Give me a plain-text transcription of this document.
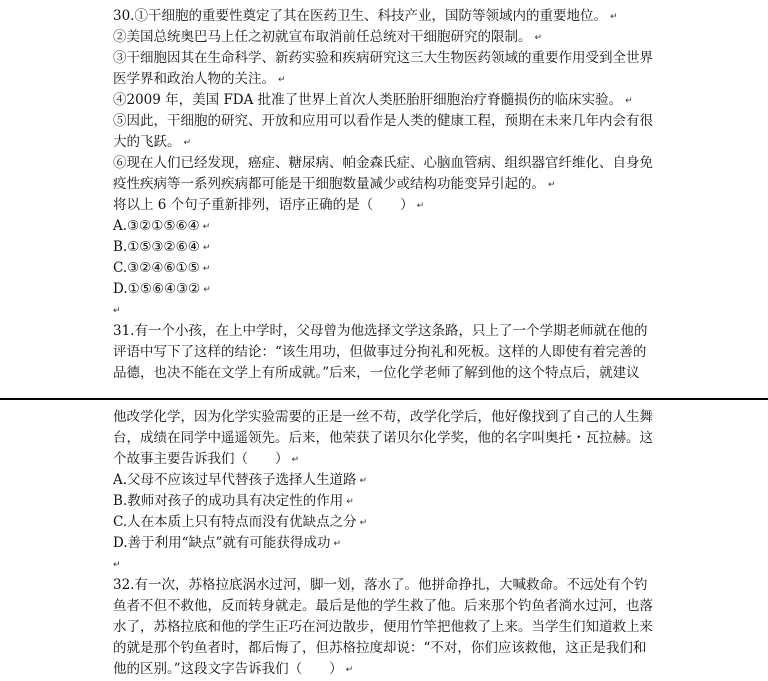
30.①干细胞的重要性奠定了其在医药卫生、科技产业，国防等领域内的重要地位。 ↵
②美国总统奥巴马上任之初就宣布取消前任总统对干细胞研究的限制。 ↵
③干细胞因其在生命科学、新药实验和疾病研究这三大生物医药领域的重要作用受到全世界
医学界和政治人物的关注。 ↵
④2009 年，美国 FDA 批准了世界上首次人类胚胎肝细胞治疗脊髓损伤的临床实验。 ↵
⑤因此，干细胞的研究、开放和应用可以看作是人类的健康工程，预期在未来几年内会有很
大的飞跃。 ↵
⑥现在人们已经发现，癌症、糖尿病、帕金森氏症、心脑血管病、组织器官纤维化、自身免
疫性疾病等一系列疾病都可能是干细胞数量减少或结构功能变异引起的。 ↵
将以上 6 个句子重新排列，语序正确的是（　　） ↵
A.③②①⑤⑥④ ↵
B.①⑤③②⑥④ ↵
C.③②④⑥①⑤ ↵
D.①⑤⑥④③② ↵
↵
31.有一个小孩，在上中学时，父母曾为他选择文学这条路，只上了一个学期老师就在他的
评语中写下了这样的结论：“该生用功，但做事过分拘礼和死板。这样的人即使有着完善的
品德，也决不能在文学上有所成就。”后来，一位化学老师了解到他的这个特点后，就建议
他改学化学，因为化学实验需要的正是一丝不苟，改学化学后，他好像找到了自己的人生舞
台，成绩在同学中遥遥领先。后来，他荣获了诺贝尔化学奖，他的名字叫奥托・瓦拉赫。这
个故事主要告诉我们（　　） ↵
A.父母不应该过早代替孩子选择人生道路 ↵
B.教师对孩子的成功具有决定性的作用 ↵
C.人在本质上只有特点而没有优缺点之分 ↵
D.善于利用“缺点”就有可能获得成功 ↵
↵
32.有一次，苏格拉底涡水过河，脚一划，落水了。他拼命挣扎，大喊救命。不远处有个钓
鱼者不但不救他，反而转身就走。最后是他的学生救了他。后来那个钓鱼者淌水过河，也落
水了，苏格拉底和他的学生正巧在河边散步，便用竹竿把他救了上来。当学生们知道救上来
的就是那个钓鱼者时，都后悔了，但苏格拉度却说：“不对，你们应该救他，这正是我们和
他的区别。”这段文字告诉我们（　　） ↵
